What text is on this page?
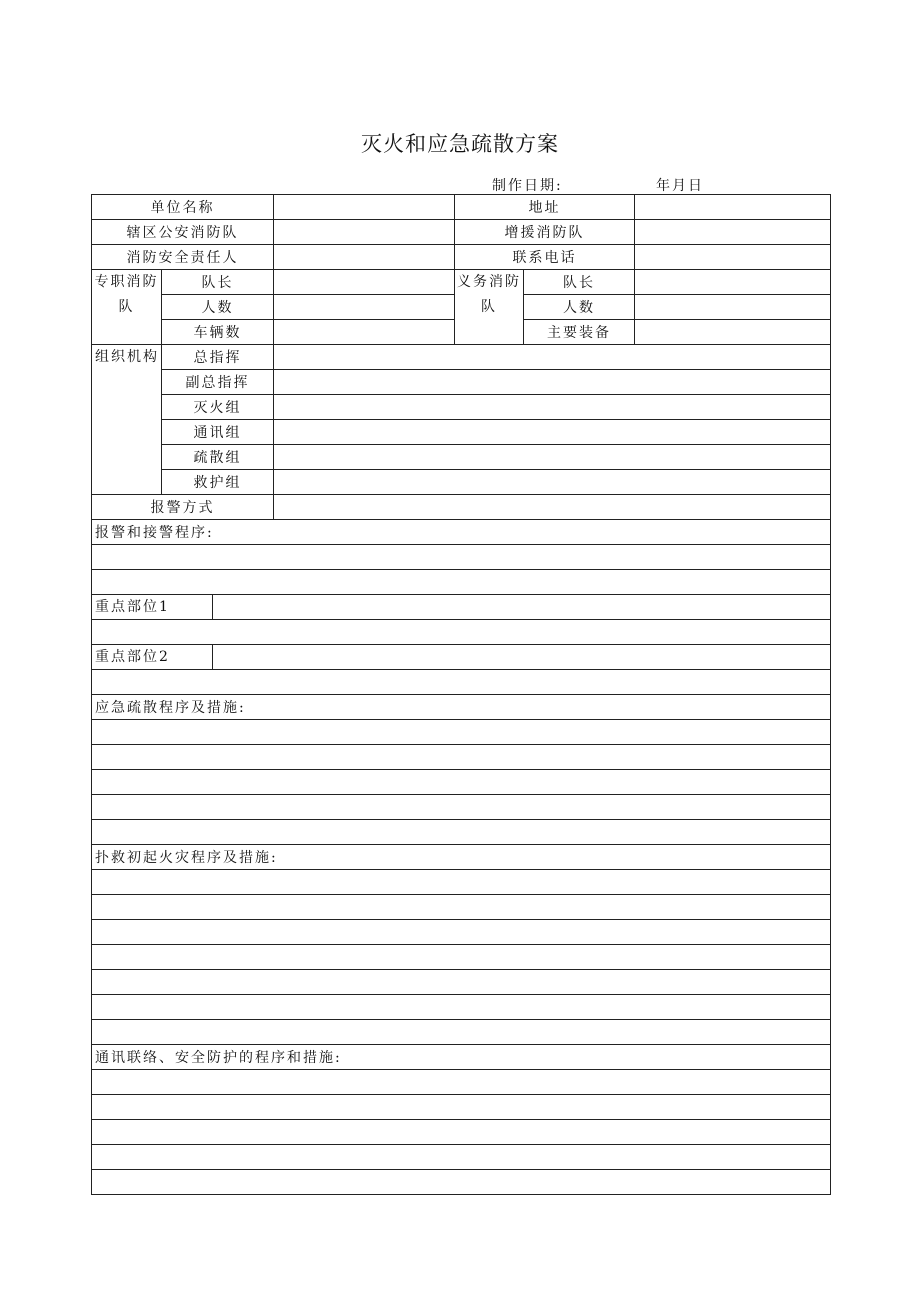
灭火和应急疏散方案
制作日期:	年月日
单位名称			地址		
辖区公安消防队			增援消防队		
消防安全责任人			联系电话		
专职消防队	队长		义务消防队	队长	
	人数			人数	
	车辆数			主要装备	
组织机构	总指挥				
	副总指挥				
	灭火组				
	通讯组				
	疏散组				
	救护组				
报警方式					
报警和接警程序:					

重点部位1					

重点部位2					

应急疏散程序及措施:					

扑救初起火灾程序及措施:					

通讯联络、安全防护的程序和措施:					
